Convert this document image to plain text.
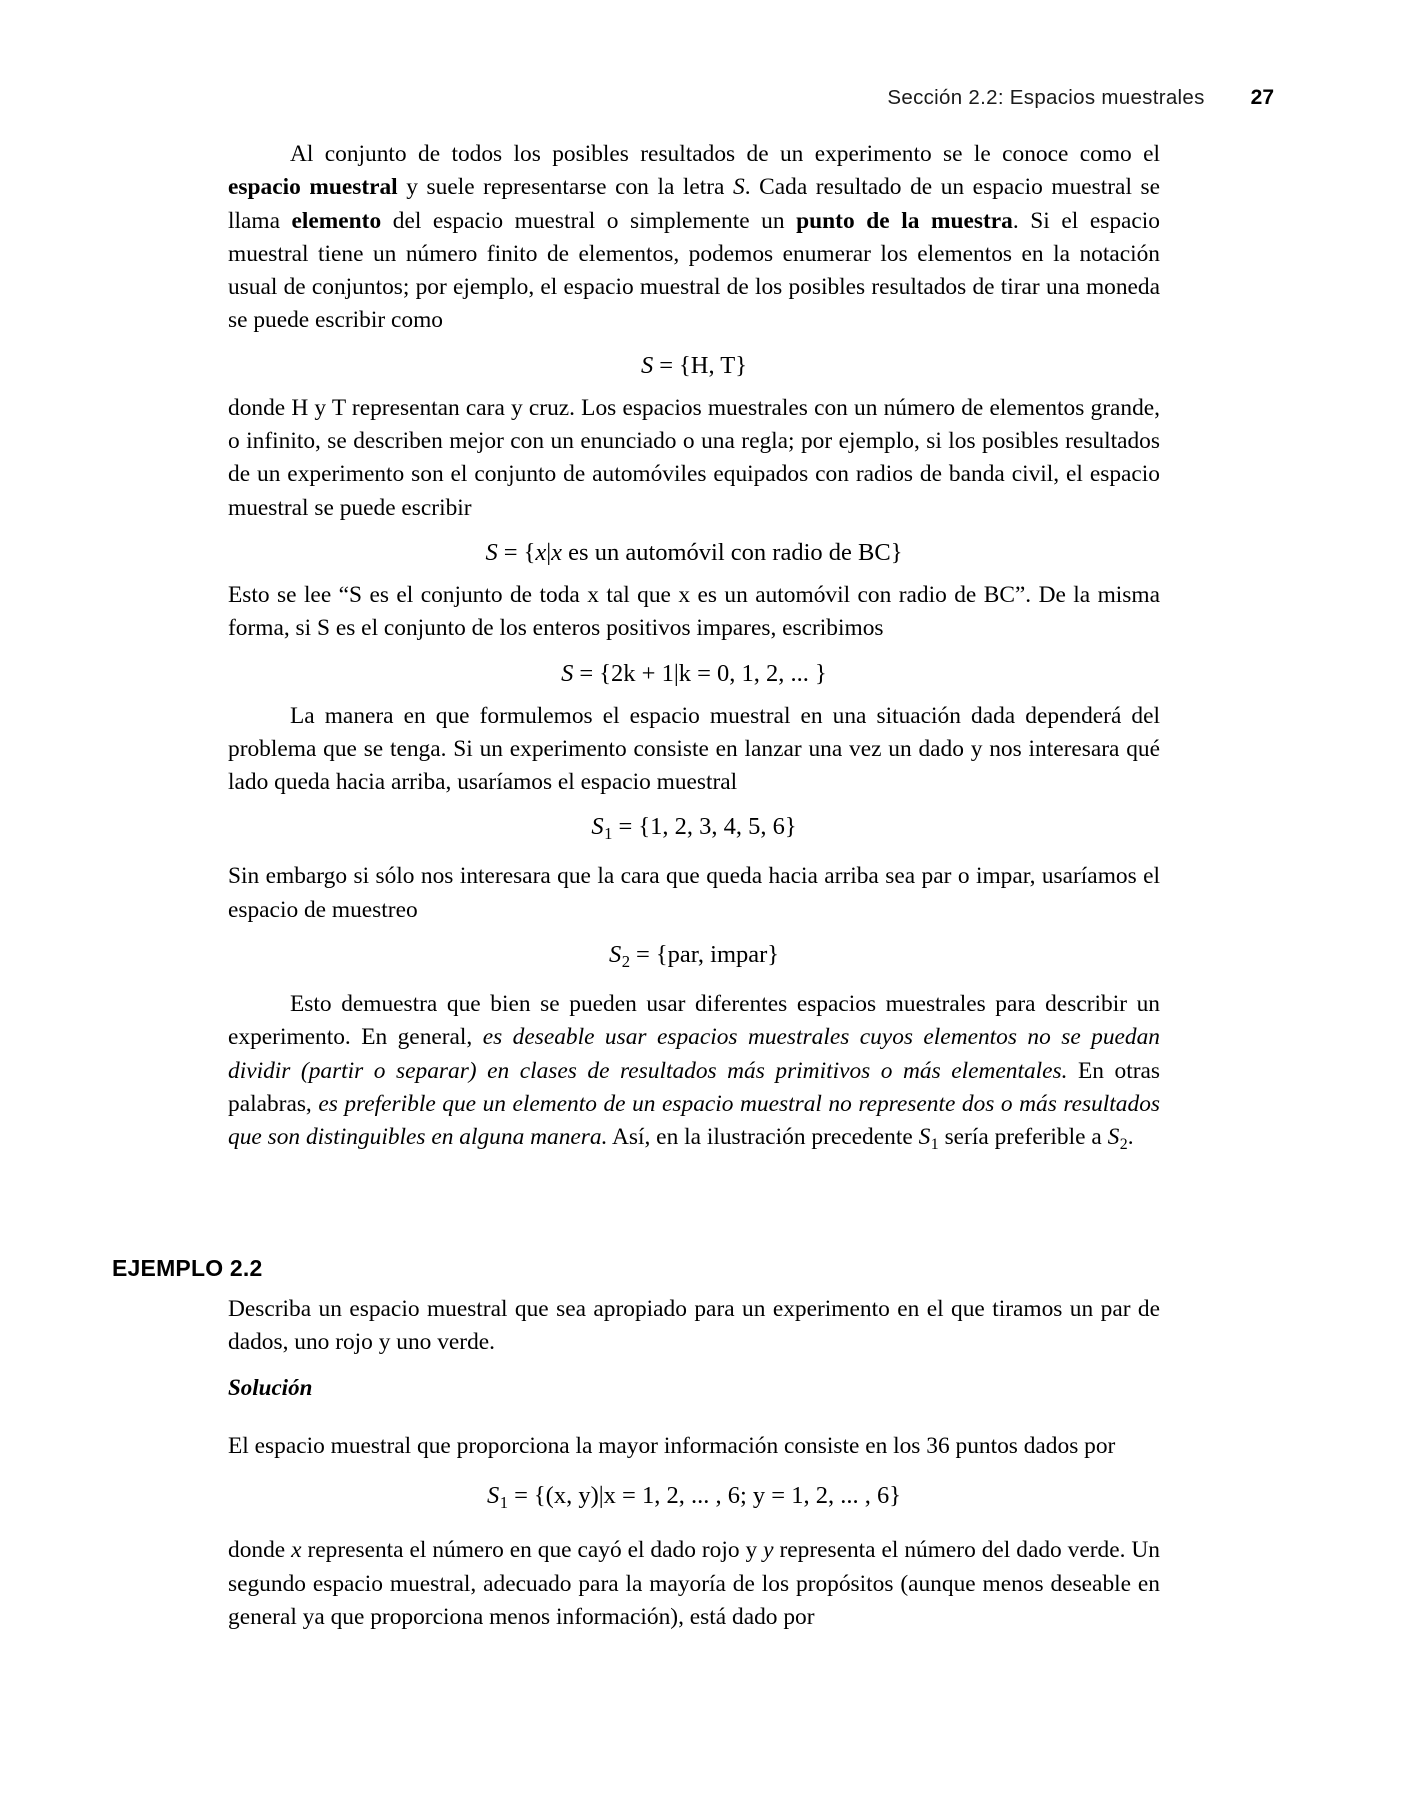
Sección 2.2: Espacios muestrales 27

Al conjunto de todos los posibles resultados de un experimento se le conoce como el espacio muestral y suele representarse con la letra S. Cada resultado de un espacio muestral se llama elemento del espacio muestral o simplemente un punto de la muestra. Si el espacio muestral tiene un número finito de elementos, podemos enumerar los elementos en la notación usual de conjuntos; por ejemplo, el espacio muestral de los posibles resultados de tirar una moneda se puede escribir como

S = {H, T}

donde H y T representan cara y cruz. Los espacios muestrales con un número de elementos grande, o infinito, se describen mejor con un enunciado o una regla; por ejemplo, si los posibles resultados de un experimento son el conjunto de automóviles equipados con radios de banda civil, el espacio muestral se puede escribir

S = {x|x es un automóvil con radio de BC}

Esto se lee “S es el conjunto de toda x tal que x es un automóvil con radio de BC”. De la misma forma, si S es el conjunto de los enteros positivos impares, escribimos

S = {2k + 1|k = 0, 1, 2, ... }

La manera en que formulemos el espacio muestral en una situación dada dependerá del problema que se tenga. Si un experimento consiste en lanzar una vez un dado y nos interesara qué lado queda hacia arriba, usaríamos el espacio muestral

$S_1 = \{1$, 2, 3, 4, 5, 6}

Sin embargo si sólo nos interesara que la cara que queda hacia arriba sea par o impar, usaríamos el espacio de muestreo

$S_2 = \{par$, impar}

Esto demuestra que bien se pueden usar diferentes espacios muestrales para describir un experimento. En general, es deseable usar espacios muestrales cuyos elementos no se puedan dividir (partir o separar) en clases de resultados más primitivos o más elementales. En otras palabras, es preferible que un elemento de un espacio muestral no represente dos o más resultados que son distinguibles en alguna manera. Así, en la ilustración precedente $S_1$ sería preferible a $S_2$.

EJEMPLO 2.2

Describa un espacio muestral que sea apropiado para un experimento en el que tiramos un par de dados, uno rojo y uno verde.

Solución

El espacio muestral que proporciona la mayor información consiste en los 36 puntos dados por

$S_1 = \{(x$, y)|x = 1, 2, ... , 6; y = 1, 2, ... , 6}

donde x representa el número en que cayó el dado rojo y y representa el número del dado verde. Un segundo espacio muestral, adecuado para la mayoría de los propósitos (aunque menos deseable en general ya que proporciona menos información), está dado por
